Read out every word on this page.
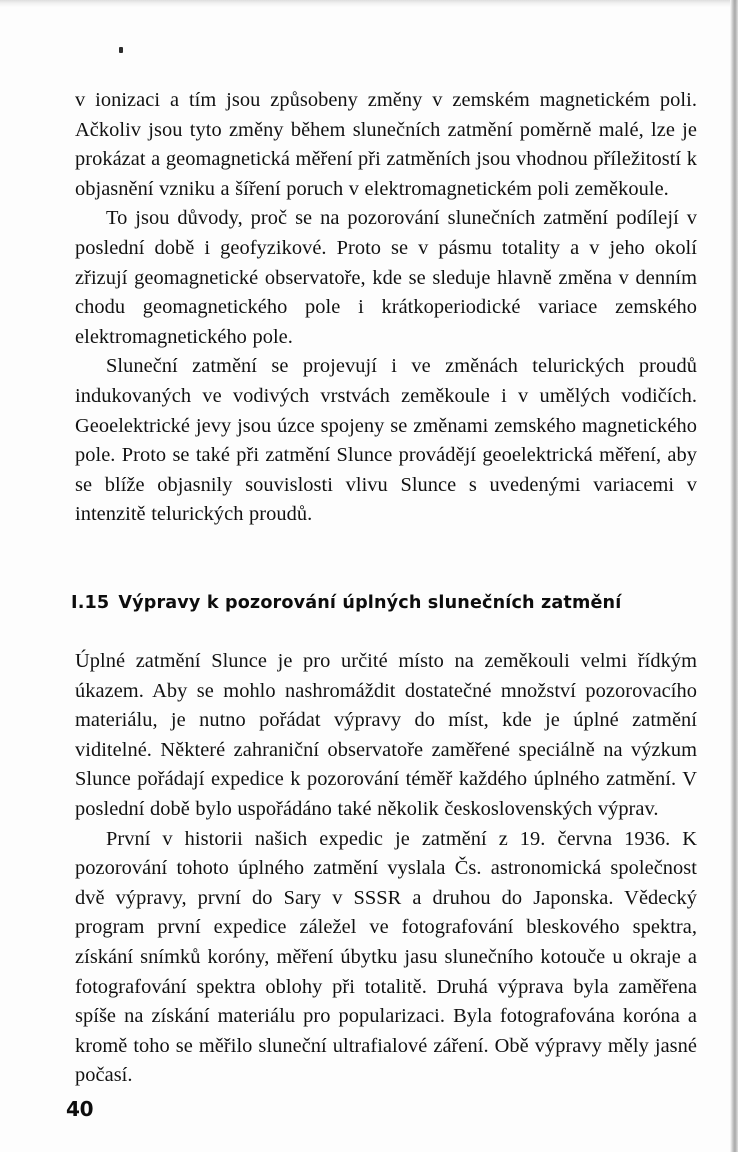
v ionizaci a tím jsou způsobeny změny v zemském magnetickém poli. Ačkoliv jsou tyto změny během slunečních zatmění poměrně malé, lze je prokázat a geomagnetická měření při zatměních jsou vhodnou příležitostí k objasnění vzniku a šíření poruch v elektromagnetickém poli zeměkoule.

To jsou důvody, proč se na pozorování slunečních zatmění podílejí v poslední době i geofyzikové. Proto se v pásmu totality a v jeho okolí zřizují geomagnetické observatoře, kde se sleduje hlavně změna v denním chodu geomagnetického pole i krátkoperiodické variace zemského elektromagnetického pole.

Sluneční zatmění se projevují i ve změnách telurických proudů indukovaných ve vodivých vrstvách zeměkoule i v umělých vodičích. Geoelektrické jevy jsou úzce spojeny se změnami zemského magnetického pole. Proto se také při zatmění Slunce provádějí geoelektrická měření, aby se blíže objasnily souvislosti vlivu Slunce s uvedenými variacemi v intenzitě telurických proudů.

I.15 Výpravy k pozorování úplných slunečních zatmění

Úplné zatmění Slunce je pro určité místo na zeměkouli velmi řídkým úkazem. Aby se mohlo nashromáždit dostatečné množství pozorovacího materiálu, je nutno pořádat výpravy do míst, kde je úplné zatmění viditelné. Některé zahraniční observatoře zaměřené speciálně na výzkum Slunce pořádají expedice k pozorování téměř každého úplného zatmění. V poslední době bylo uspořádáno také několik československých výprav.

První v historii našich expedic je zatmění z 19. června 1936. K pozorování tohoto úplného zatmění vyslala Čs. astronomická společnost dvě výpravy, první do Sary v SSSR a druhou do Japonska. Vědecký program první expedice záležel ve fotografování bleskového spektra, získání snímků koróny, měření úbytku jasu slunečního kotouče u okraje a fotografování spektra oblohy při totalitě. Druhá výprava byla zaměřena spíše na získání materiálu pro popularizaci. Byla fotografována koróna a kromě toho se měřilo sluneční ultrafialové záření. Obě výpravy měly jasné počasí.

40
